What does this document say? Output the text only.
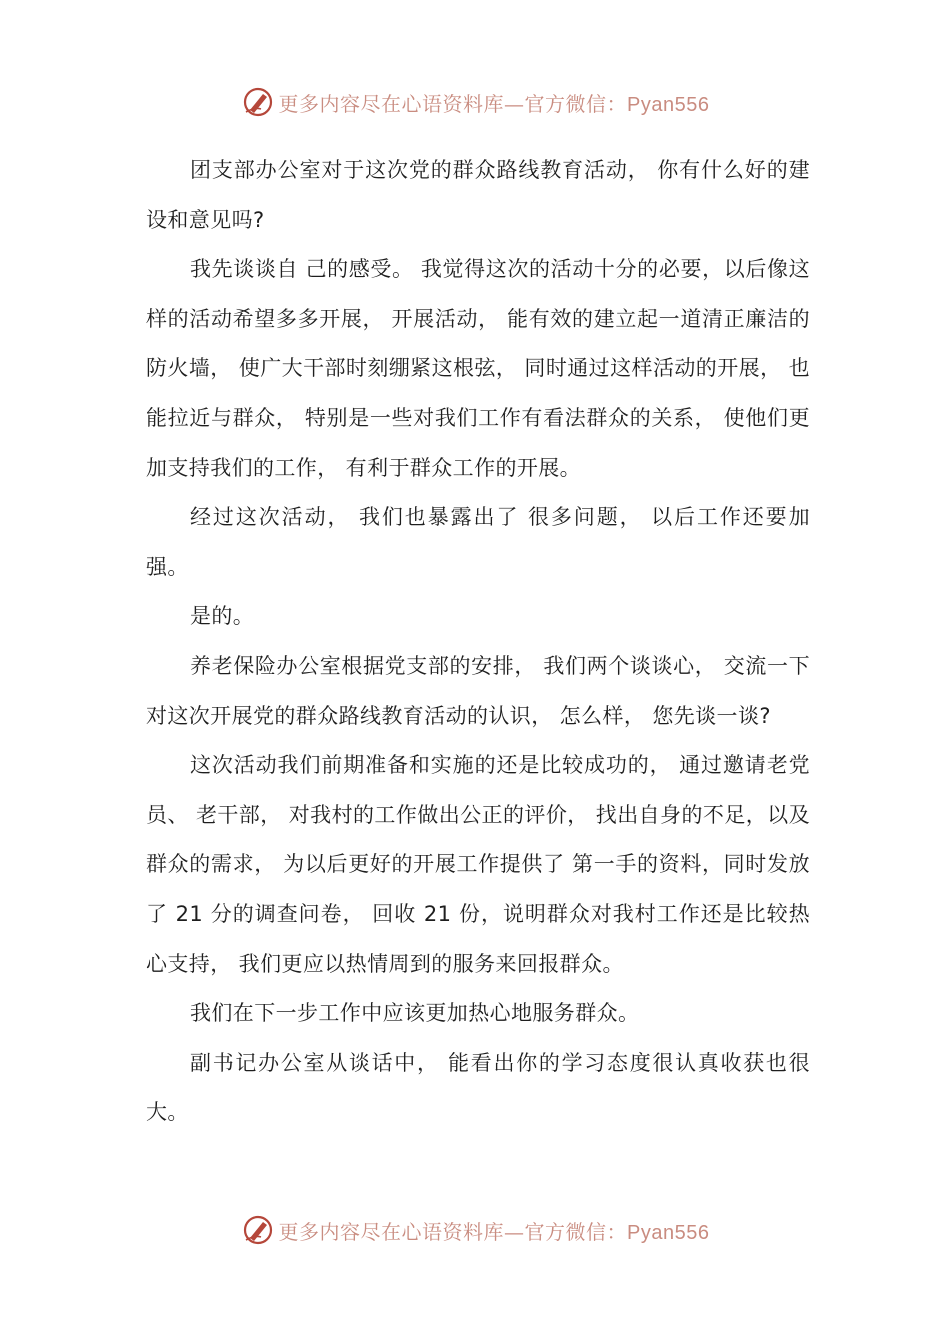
更多内容尽在心语资料库—官方微信：Pyan556

团支部办公室对于这次党的群众路线教育活动， 你有什么好的建设和意见吗?

我先谈谈自 己的感受。 我觉得这次的活动十分的必要，以后像这样的活动希望多多开展， 开展活动， 能有效的建立起一道清正廉洁的防火墙， 使广大干部时刻绷紧这根弦， 同时通过这样活动的开展， 也能拉近与群众， 特别是一些对我们工作有看法群众的关系， 使他们更加支持我们的工作， 有利于群众工作的开展。

经过这次活动， 我们也暴露出了 很多问题， 以后工作还要加强。

是的。

养老保险办公室根据党支部的安排， 我们两个谈谈心， 交流一下对这次开展党的群众路线教育活动的认识， 怎么样， 您先谈一谈?

这次活动我们前期准备和实施的还是比较成功的， 通过邀请老党员、 老干部， 对我村的工作做出公正的评价， 找出自身的不足，以及群众的需求， 为以后更好的开展工作提供了 第一手的资料，同时发放了 21 分的调查问卷， 回收 21 份，说明群众对我村工作还是比较热心支持， 我们更应以热情周到的服务来回报群众。

我们在下一步工作中应该更加热心地服务群众。

副书记办公室从谈话中， 能看出你的学习态度很认真收获也很大。

更多内容尽在心语资料库—官方微信：Pyan556
